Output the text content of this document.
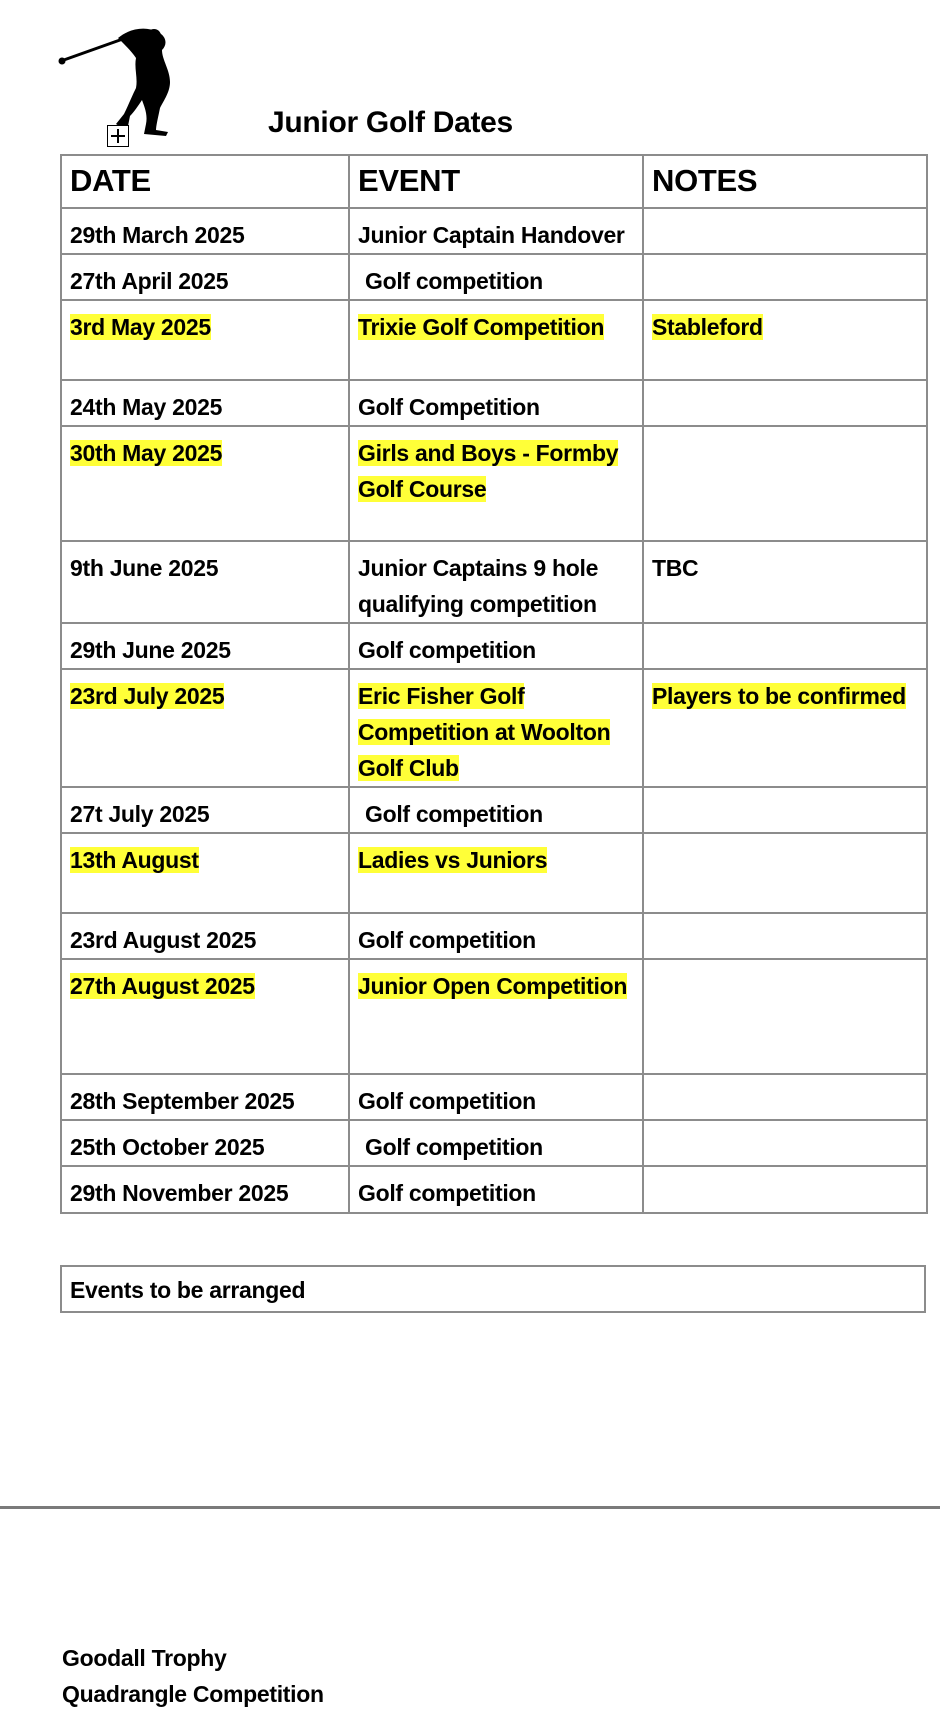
Junior Golf Dates
DATE	EVENT	NOTES
29th March 2025	Junior Captain Handover	
27th April 2025	Golf competition	
3rd May 2025	Trixie Golf Competition	Stableford
24th May 2025	Golf Competition	
30th May 2025	Girls and Boys - Formby Golf Course	
9th June 2025	Junior Captains 9 hole qualifying competition	TBC
29th June 2025	Golf competition	
23rd July 2025	Eric Fisher Golf Competition at Woolton Golf Club	Players to be confirmed
27t July 2025	Golf competition	
13th August	Ladies vs Juniors	
23rd August 2025	Golf competition	
27th August 2025	Junior Open Competition	
28th September 2025	Golf competition	
25th October 2025	Golf competition	
29th November 2025	Golf competition	
Events to be arranged
Goodall Trophy
Quadrangle Competition
